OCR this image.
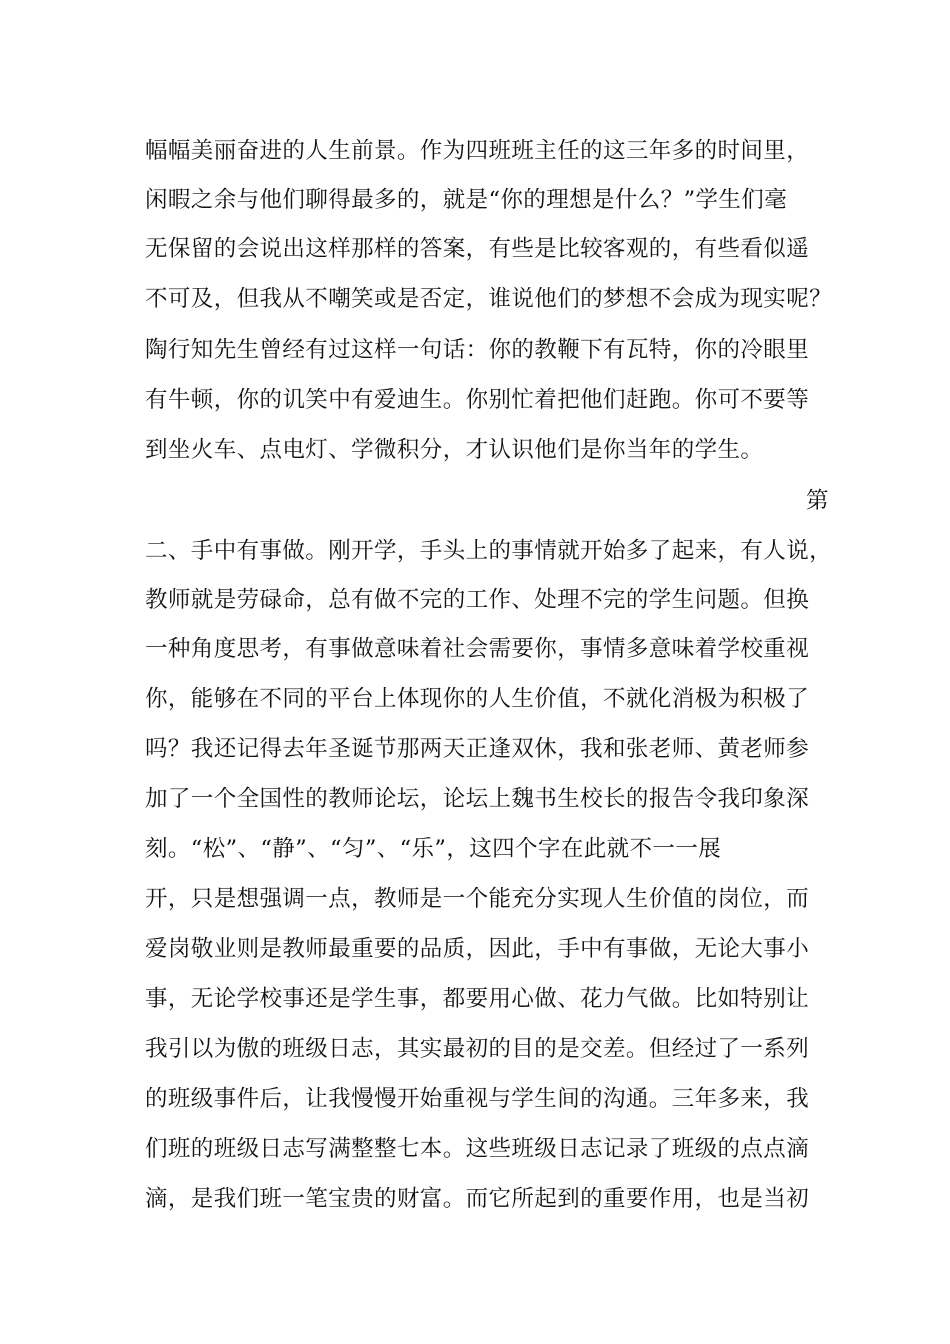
幅幅美丽奋进的人生前景。作为四班班主任的这三年多的时间里，
闲暇之余与他们聊得最多的，就是“你的理想是什么？”学生们毫
无保留的会说出这样那样的答案，有些是比较客观的，有些看似遥
不可及，但我从不嘲笑或是否定，谁说他们的梦想不会成为现实呢？
陶行知先生曾经有过这样一句话：你的教鞭下有瓦特，你的冷眼里
有牛顿，你的讥笑中有爱迪生。你别忙着把他们赶跑。你可不要等
到坐火车、点电灯、学微积分，才认识他们是你当年的学生。
第
二、手中有事做。刚开学，手头上的事情就开始多了起来，有人说，
教师就是劳碌命，总有做不完的工作、处理不完的学生问题。但换
一种角度思考，有事做意味着社会需要你，事情多意味着学校重视
你，能够在不同的平台上体现你的人生价值，不就化消极为积极了
吗？我还记得去年圣诞节那两天正逢双休，我和张老师、黄老师参
加了一个全国性的教师论坛，论坛上魏书生校长的报告令我印象深
刻。“松”、“静”、“匀”、“乐”，这四个字在此就不一一展
开，只是想强调一点，教师是一个能充分实现人生价值的岗位，而
爱岗敬业则是教师最重要的品质，因此，手中有事做，无论大事小
事，无论学校事还是学生事，都要用心做、花力气做。比如特别让
我引以为傲的班级日志，其实最初的目的是交差。但经过了一系列
的班级事件后，让我慢慢开始重视与学生间的沟通。三年多来，我
们班的班级日志写满整整七本。这些班级日志记录了班级的点点滴
滴，是我们班一笔宝贵的财富。而它所起到的重要作用，也是当初
